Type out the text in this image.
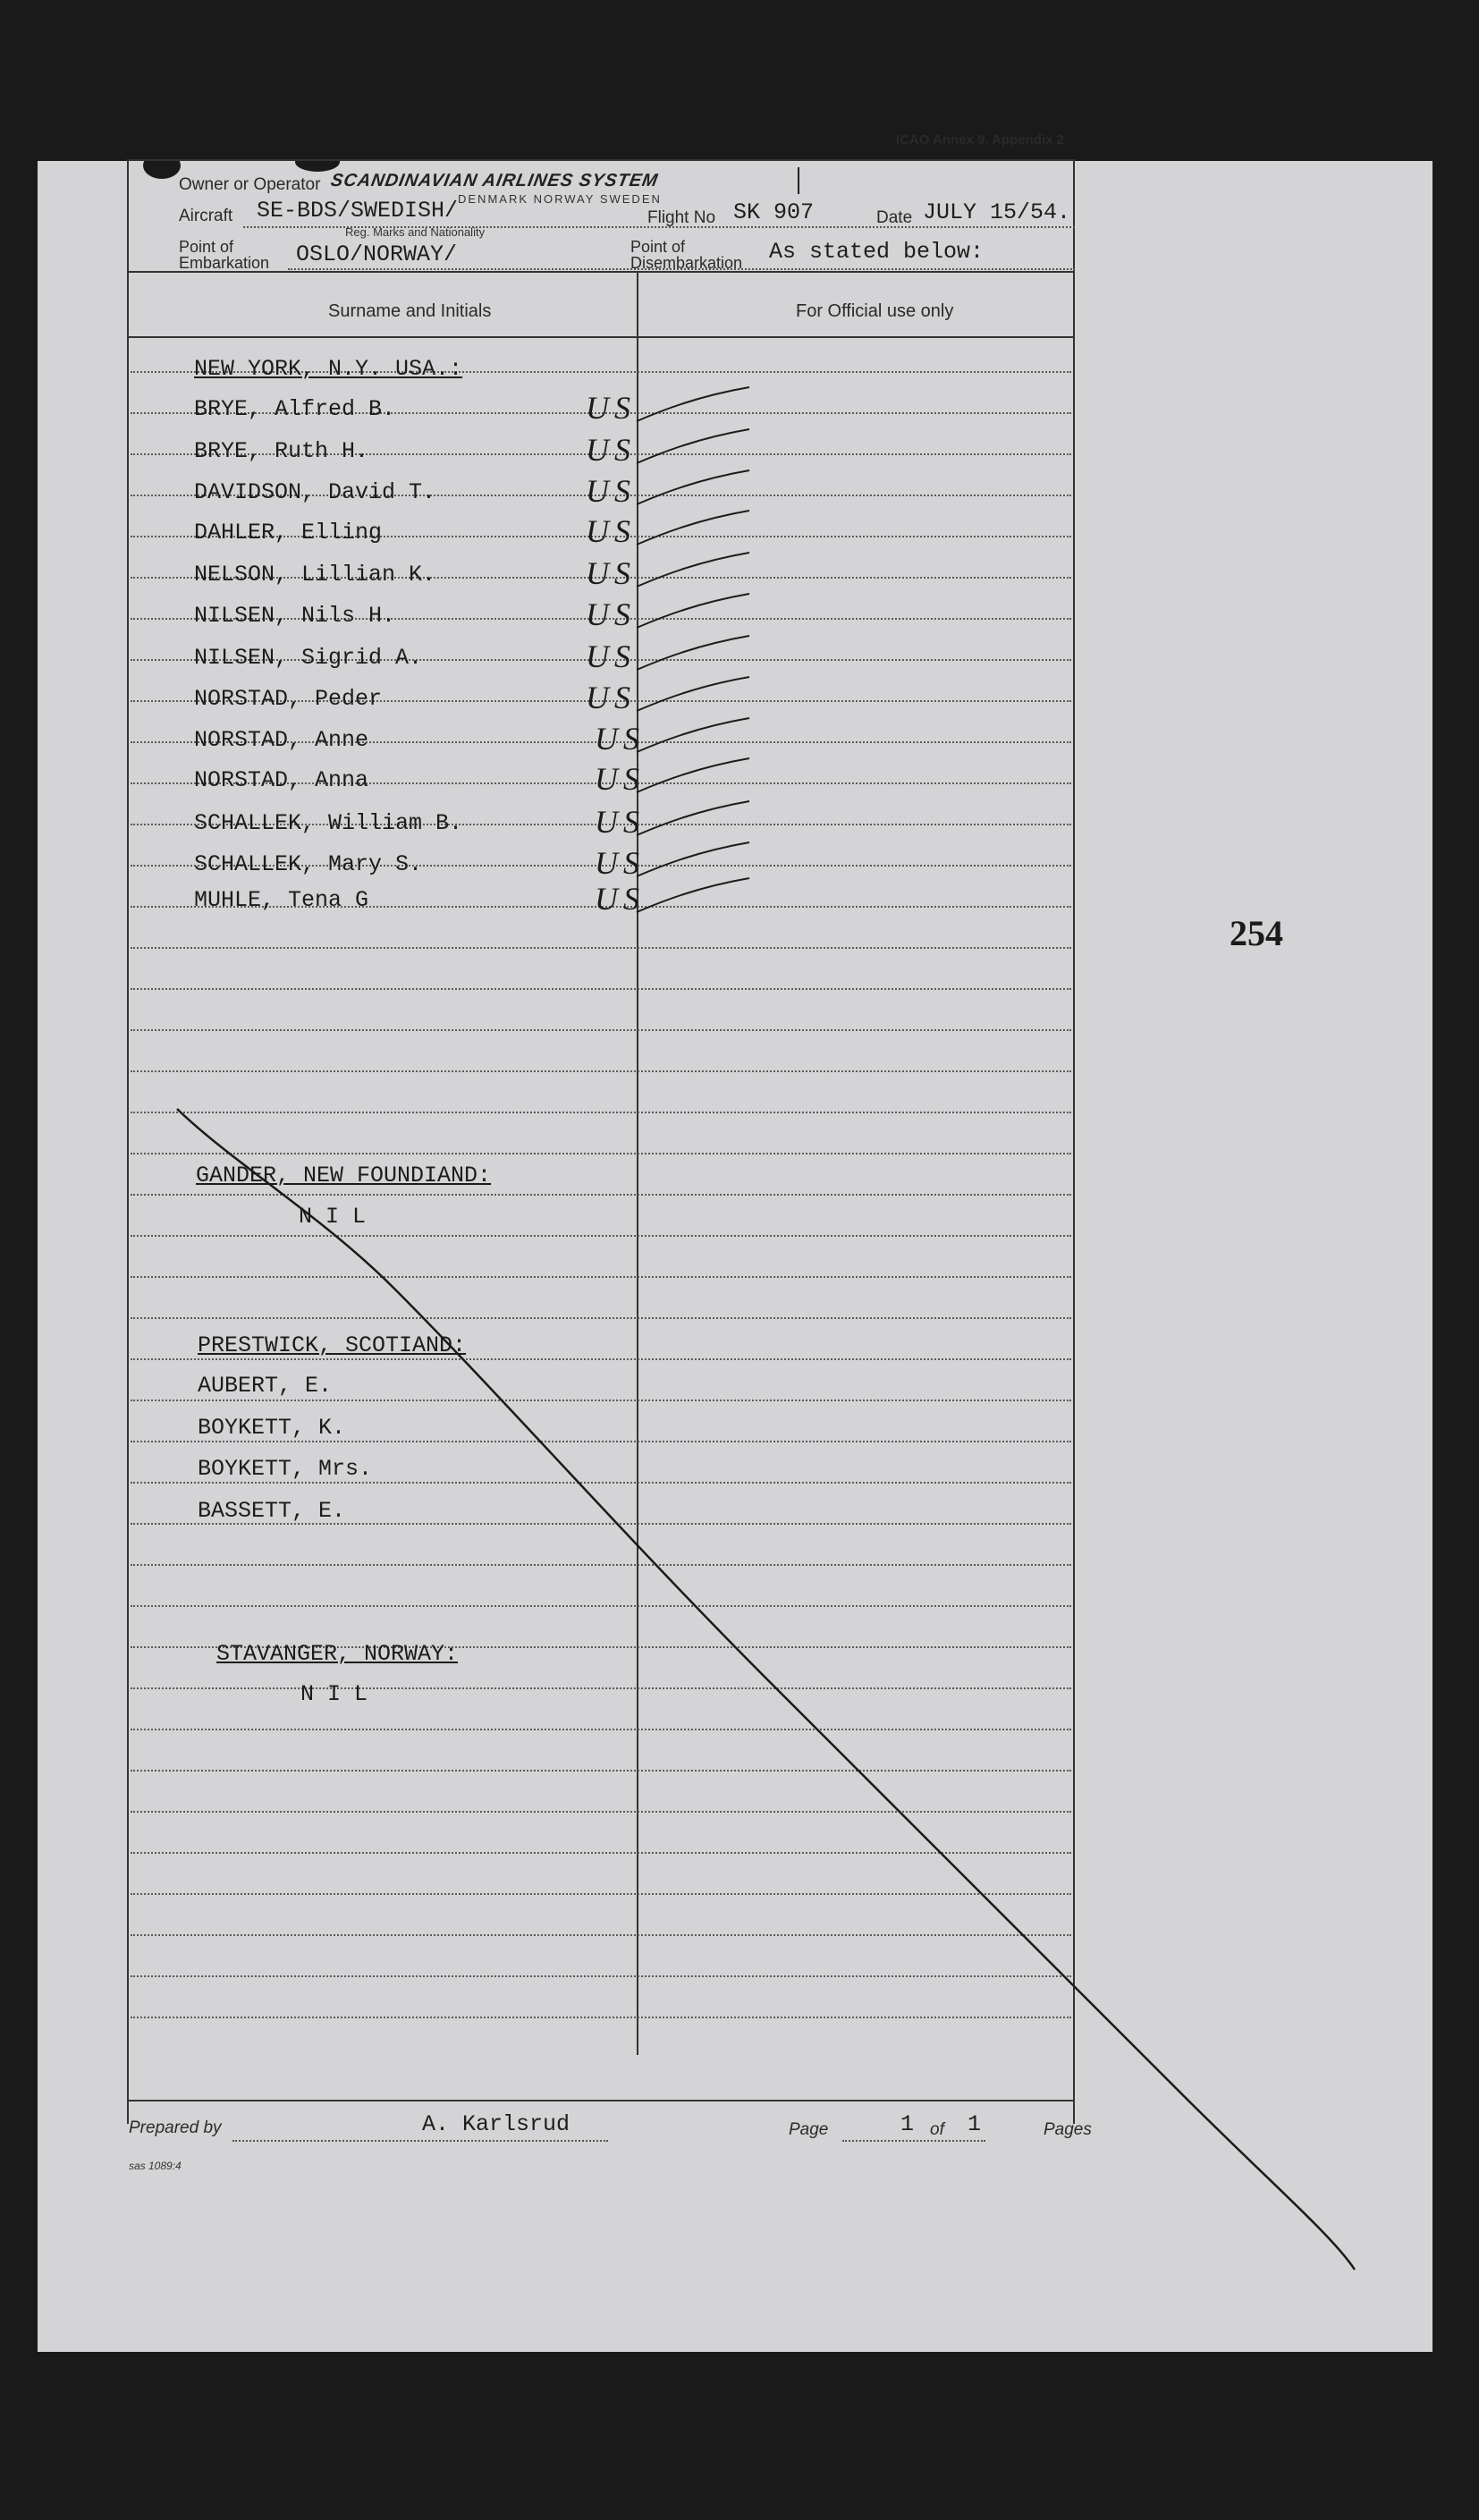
254
ICAO Annex 9, Appendix 2
Owner or Operator SCANDINAVIAN AIRLINES SYSTEM
DENMARK NORWAY SWEDEN
Aircraft SE-BDS/SWEDISH/
Reg. Marks and Nationality
Flight No SK 907	Date JULY 15/54.
Point of
Embarkation OSLO/NORWAY/	Point of
Disembarkation As stated below:
Surname and Initials	For Official use only
NEW YORK, N.Y. USA.:
BRYE, Alfred B.	US
BRYE, Ruth H.	US
DAVIDSON, David T.	US
DAHLER, Elling	US
NELSON, Lillian K.	US
NILSEN, Nils H.	US
NILSEN, Sigrid A.	US
NORSTAD, Peder	US
NORSTAD, Anne	US
NORSTAD, Anna	US
SCHALLEK, William B.	US
SCHALLEK, Mary S.	US
MUHLE, Tena G	US
GANDER, NEW FOUNDIAND:
N I L
PRESTWICK, SCOTIAND:
AUBERT, E.
BOYKETT, K.
BOYKETT, Mrs.
BASSETT, E.
STAVANGER, NORWAY:
N I L
Prepared by	A. Karlsrud	Page	1 of 1	Pages
sas 1089:4
